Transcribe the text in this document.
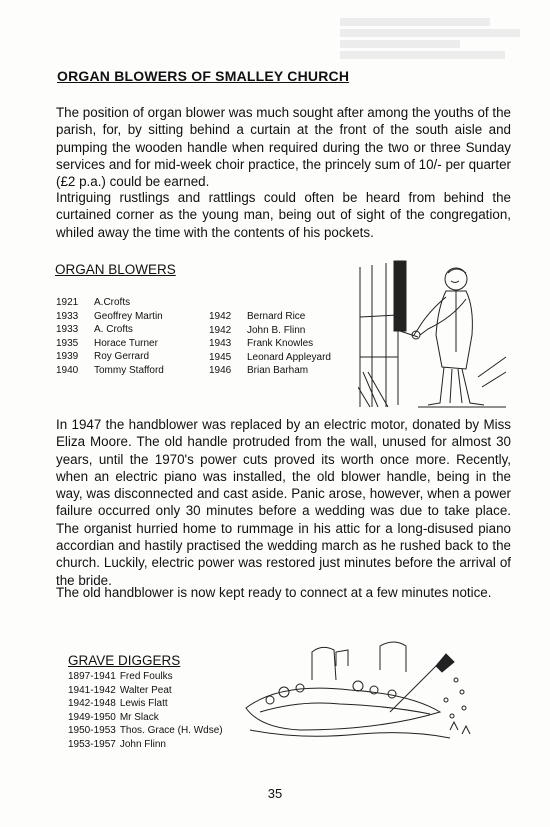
ORGAN BLOWERS OF SMALLEY CHURCH

The position of organ blower was much sought after among the youths of the parish, for, by sitting behind a curtain at the front of the south aisle and pumping the wooden handle when required during the two or three Sunday services and for mid-week choir practice, the princely sum of 10/- per quarter (£2 p.a.) could be earned.

Intriguing rustlings and rattlings could often be heard from behind the curtained corner as the young man, being out of sight of the congregation, whiled away the time with the contents of his pockets.

ORGAN BLOWERS
1921	A.Crofts
1933	Geoffrey Martin
1933	A. Crofts
1935	Horace Turner
1939	Roy Gerrard
1940	Tommy Stafford
1942	Bernard Rice
1942	John B. Flinn
1943	Frank Knowles
1945	Leonard Appleyard
1946	Brian Barham

In 1947 the handblower was replaced by an electric motor, donated by Miss Eliza Moore. The old handle protruded from the wall, unused for almost 30 years, until the 1970's power cuts proved its worth once more. Recently, when an electric piano was installed, the old blower handle, being in the way, was disconnected and cast aside. Panic arose, however, when a power failure occurred only 30 minutes before a wedding was due to take place. The organist hurried home to rummage in his attic for a long-disused piano accordian and hastily practised the wedding march as he rushed back to the church. Luckily, electric power was restored just minutes before the arrival of the bride.

The old handblower is now kept ready to connect at a few minutes notice.

GRAVE DIGGERS
1897-1941 Fred Foulks
1941-1942 Walter Peat
1942-1948 Lewis Flatt
1949-1950 Mr Slack
1950-1953 Thos. Grace (H. Wdse)
1953-1957 John Flinn
35
